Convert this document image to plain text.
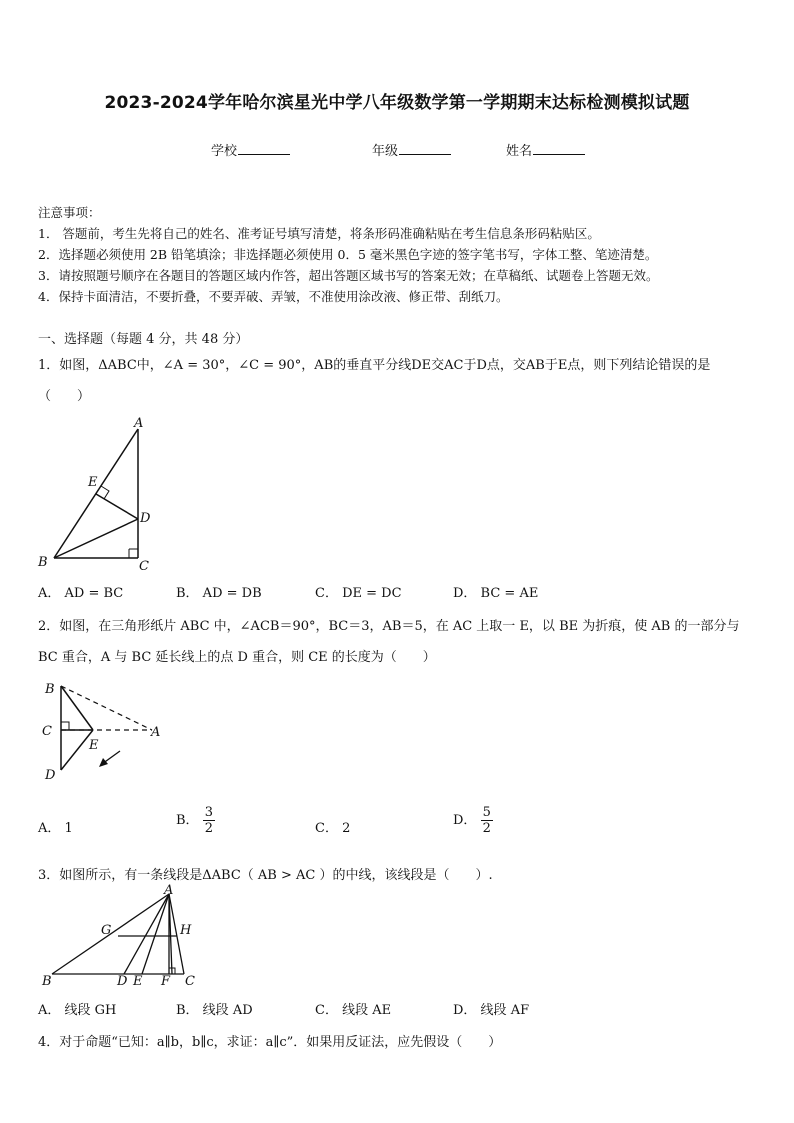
2023-2024学年哈尔滨星光中学八年级数学第一学期期末达标检测模拟试题
学校	年级	姓名
注意事项：
1． 答题前，考生先将自己的姓名、准考证号填写清楚，将条形码准确粘贴在考生信息条形码粘贴区。
2．选择题必须使用 2B 铅笔填涂；非选择题必须使用 0．5 毫米黑色字迹的签字笔书写，字体工整、笔迹清楚。
3．请按照题号顺序在各题目的答题区域内作答，超出答题区域书写的答案无效；在草稿纸、试题卷上答题无效。
4．保持卡面清洁，不要折叠，不要弄破、弄皱，不准使用涂改液、修正带、刮纸刀。
一、选择题（每题 4 分，共 48 分）
1．如图，ΔABC中，∠A = 30°，∠C = 90°，AB的垂直平分线DE交AC于D点，交AB于E点，则下列结论错误的是
（　　）
A
E
D
B	C
A． AD = BC	B． AD = DB	C． DE = DC	D． BC = AE
2．如图，在三角形纸片 ABC 中，∠ACB＝90°，BC＝3，AB＝5，在 AC 上取一 E，以 BE 为折痕，使 AB 的一部分与
BC 重合，A 与 BC 延长线上的点 D 重合，则 CE 的长度为（　　）
B
C
E
A
D
A． 1
B． $\frac{3}{2}$	C． 2
D． $\frac{5}{2}$
3．如图所示，有一条线段是ΔABC（ AB > AC ）的中线，该线段是（　　）.
A
G	H
B	D E F C
A． 线段 GH	B． 线段 AD	C． 线段 AE	D． 线段 AF
4．对于命题“已知：a∥b，b∥c，求证：a∥c”．如果用反证法，应先假设（　　）
